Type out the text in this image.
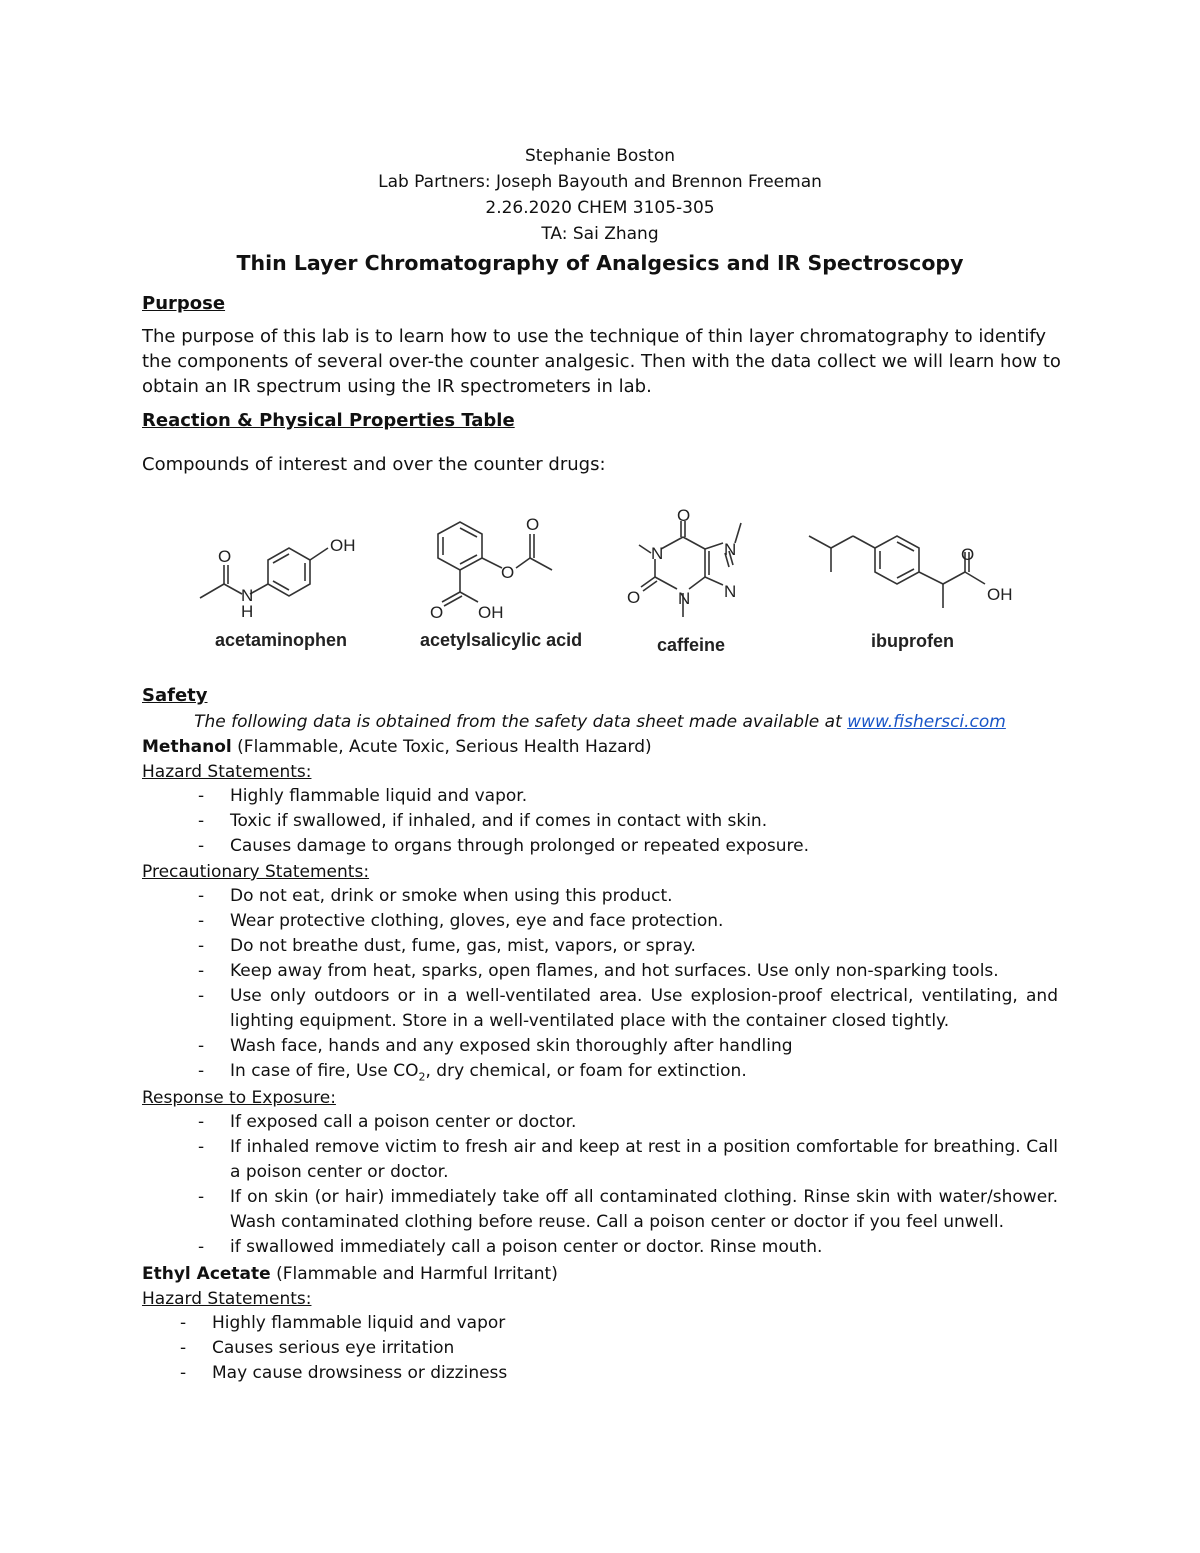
Stephanie Boston
Lab Partners: Joseph Bayouth and Brennon Freeman
2.26.2020 CHEM 3105-305
TA: Sai Zhang
Thin Layer Chromatography of Analgesics and IR Spectroscopy
Purpose

The purpose of this lab is to learn how to use the technique of thin layer chromatography to identify the components of several over-the counter analgesic. Then with the data collect we will learn how to obtain an IR spectrum using the IR spectrometers in lab.

Reaction & Physical Properties Table
Compounds of interest and over the counter drugs:
O
N
H
OH
acetaminophen
O
O
O OH
acetylsalicylic acid
O
N
O N
N
N
caffeine
O
OH
ibuprofen
Safety
The following data is obtained from the safety data sheet made available at www.fishersci.com
Methanol (Flammable, Acute Toxic, Serious Health Hazard)
Hazard Statements:
- Highly flammable liquid and vapor.
- Toxic if swallowed, if inhaled, and if comes in contact with skin.
- Causes damage to organs through prolonged or repeated exposure.
Precautionary Statements:
- Do not eat, drink or smoke when using this product.
- Wear protective clothing, gloves, eye and face protection.
- Do not breathe dust, fume, gas, mist, vapors, or spray.
- Keep away from heat, sparks, open flames, and hot surfaces. Use only non-sparking tools.
- Use only outdoors or in a well-ventilated area. Use explosion-proof electrical, ventilating, and lighting equipment. Store in a well-ventilated place with the container closed tightly.
- Wash face, hands and any exposed skin thoroughly after handling
- In case of fire, Use $CO_2$, dry chemical, or foam for extinction.
Response to Exposure:
- If exposed call a poison center or doctor.
- If inhaled remove victim to fresh air and keep at rest in a position comfortable for breathing. Call a poison center or doctor.
- If on skin (or hair) immediately take off all contaminated clothing. Rinse skin with water/shower. Wash contaminated clothing before reuse. Call a poison center or doctor if you feel unwell.
- if swallowed immediately call a poison center or doctor. Rinse mouth.
Ethyl Acetate (Flammable and Harmful Irritant)
Hazard Statements:
- Highly flammable liquid and vapor
- Causes serious eye irritation
- May cause drowsiness or dizziness
